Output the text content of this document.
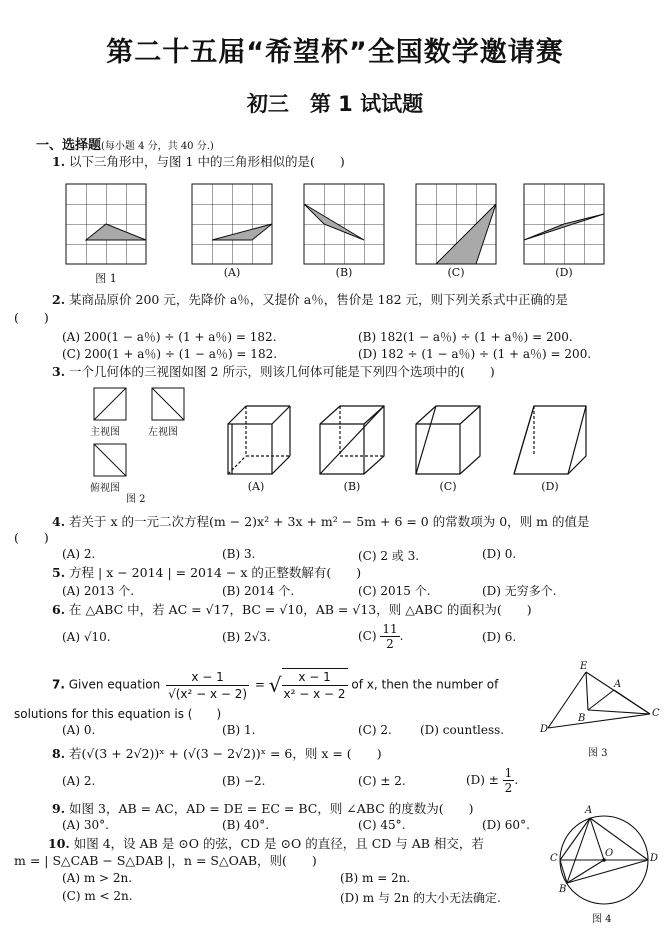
第二十五届“希望杯”全国数学邀请赛
初三　第 1 试试题
一、选择题(每小题 4 分，共 40 分.)
1. 以下三角形中，与图 1 中的三角形相似的是(　　)
图 1	(A)	(B)	(C)	(D)
2. 某商品原价 200 元，先降价 a％，又提价 a％，售价是 182 元，则下列关系式中正确的是
(　　)
(A) 200(1 − a％) ÷ (1 + a％) = 182.	(B) 182(1 − a％) ÷ (1 + a％) = 200.
(C) 200(1 + a％) ÷ (1 − a％) = 182.	(D) 182 ÷ (1 − a％) ÷ (1 + a％) = 200.
3. 一个几何体的三视图如图 2 所示，则该几何体可能是下列四个选项中的(　　)
主视图	左视图
俯视图
图 2
(A)	(B)	(C)	(D)
4. 若关于 x 的一元二次方程(m − 2)x² + 3x + m² − 5m + 6 = 0 的常数项为 0，则 m 的值是
(　　)
(A) 2.	(B) 3.	(C) 2 或 3.	(D) 0.
5. 方程 | x − 2014 | = 2014 − x 的正整数解有(　　)
(A) 2013 个.	(B) 2014 个.	(C) 2015 个.	(D) 无穷多个.
6. 在 △ABC 中，若 AC = √17，BC = √10，AB = √13，则 △ABC 的面积为(　　)
(A) √10.	(B) 2√3.	$(C) \frac{11}{2}$ .	(D) 6.
7. Given equation $\frac{x - 1}{\text{√(x² − x − 2)}}$ = √ $\frac{x - 1}{\text{x² − x − 2}}$ of x, then the number of
solutions for this equation is (　　)
(A) 0.	(B) 1.	(C) 2. (D) countless.
E
A
B	C
D
图 3
8. 若(√(3 + 2√2))ˣ + (√(3 − 2√2))ˣ = 6，则 x = (　　)
(A) 2.	(B) −2.	(C) ± 2.	$(D) \pm \frac{1}{2}$ .
9. 如图 3，AB = AC，AD = DE = EC = BC，则 ∠ABC 的度数为(　　)
(A) 30°.	(B) 40°.	(C) 45°.	(D) 60°.
10. 如图 4，设 AB 是 ⊙O 的弦，CD 是 ⊙O 的直径，且 CD 与 AB 相交，若
m = | S△CAB − S△DAB |，n = S△OAB，则(　　)
(A) m > 2n.	(B) m = 2n.
(C) m < 2n.	(D) m 与 2n 的大小无法确定.
A
C	O	D
B
图 4
